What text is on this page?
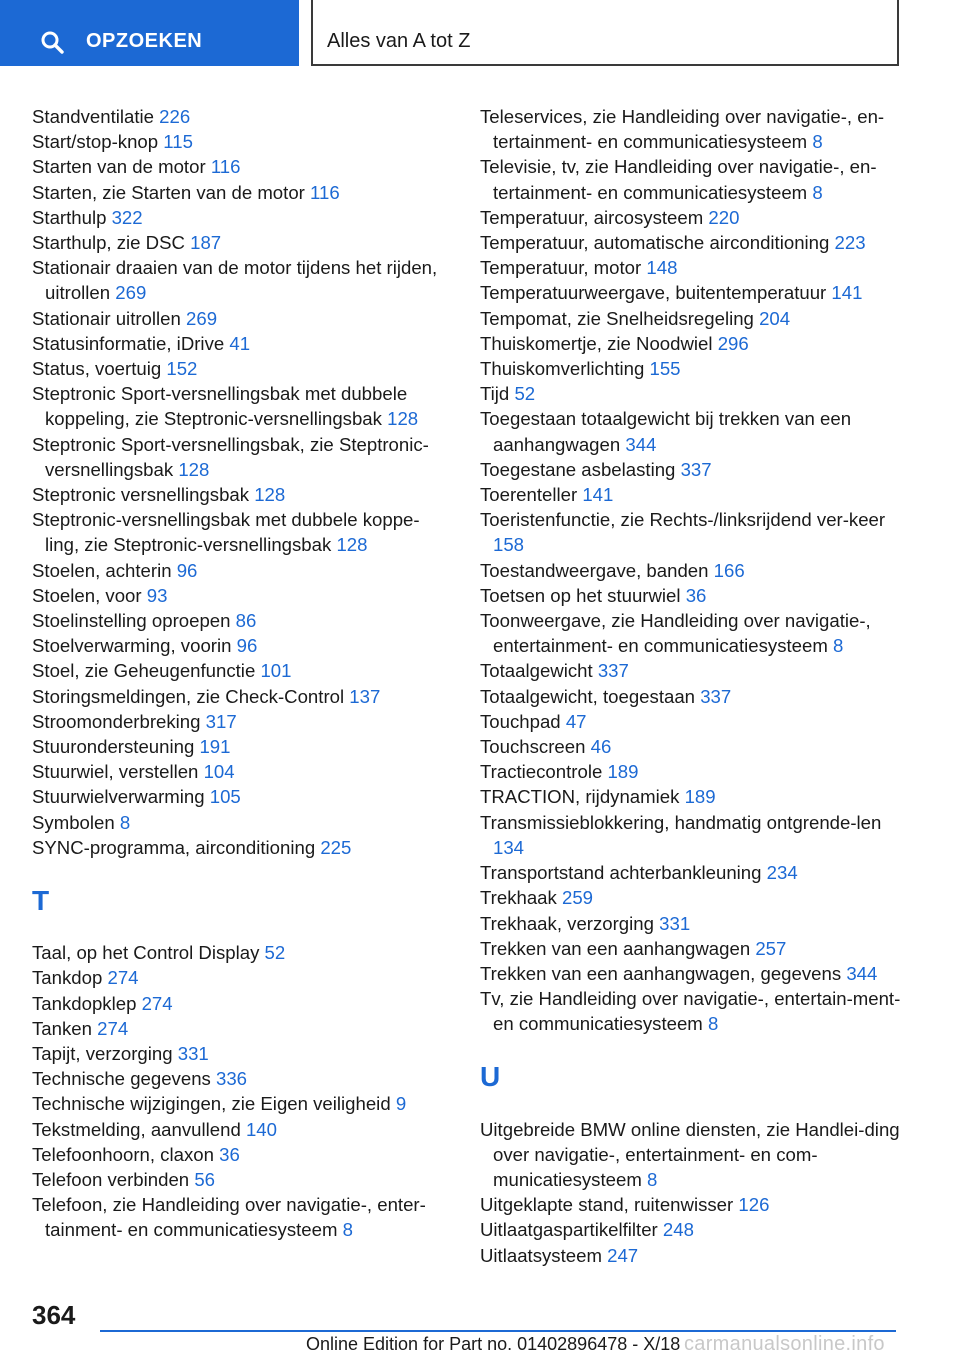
OPZOEKEN	Alles van A tot Z
Standventilatie 226
Start/stop-knop 115
Starten van de motor 116
Starten, zie Starten van de motor 116
Starthulp 322
Starthulp, zie DSC 187
Stationair draaien van de motor tijdens het rijden, uitrollen 269
Stationair uitrollen 269
Statusinformatie, iDrive 41
Status, voertuig 152
Steptronic Sport-versnellingsbak met dubbele koppeling, zie Steptronic-versnellingsbak 128
Steptronic Sport-versnellingsbak, zie Steptronic-versnellingsbak 128
Steptronic versnellingsbak 128
Steptronic-versnellingsbak met dubbele koppe-ling, zie Steptronic-versnellingsbak 128
Stoelen, achterin 96
Stoelen, voor 93
Stoelinstelling oproepen 86
Stoelverwarming, voorin 96
Stoel, zie Geheugenfunctie 101
Storingsmeldingen, zie Check-Control 137
Stroomonderbreking 317
Stuurondersteuning 191
Stuurwiel, verstellen 104
Stuurwielverwarming 105
Symbolen 8
SYNC-programma, airconditioning 225
T
Taal, op het Control Display 52
Tankdop 274
Tankdopklep 274
Tanken 274
Tapijt, verzorging 331
Technische gegevens 336
Technische wijzigingen, zie Eigen veiligheid 9
Tekstmelding, aanvullend 140
Telefoonhoorn, claxon 36
Telefoon verbinden 56
Telefoon, zie Handleiding over navigatie-, enter-tainment- en communicatiesysteem 8
Teleservices, zie Handleiding over navigatie-, en-tertainment- en communicatiesysteem 8
Televisie, tv, zie Handleiding over navigatie-, en-tertainment- en communicatiesysteem 8
Temperatuur, aircosysteem 220
Temperatuur, automatische airconditioning 223
Temperatuur, motor 148
Temperatuurweergave, buitentemperatuur 141
Tempomat, zie Snelheidsregeling 204
Thuiskomertje, zie Noodwiel 296
Thuiskomverlichting 155
Tijd 52
Toegestaan totaalgewicht bij trekken van een aanhangwagen 344
Toegestane asbelasting 337
Toerenteller 141
Toeristenfunctie, zie Rechts-/linksrijdend ver-keer 158
Toestandweergave, banden 166
Toetsen op het stuurwiel 36
Toonweergave, zie Handleiding over navigatie-, entertainment- en communicatiesysteem 8
Totaalgewicht 337
Totaalgewicht, toegestaan 337
Touchpad 47
Touchscreen 46
Tractiecontrole 189
TRACTION, rijdynamiek 189
Transmissieblokkering, handmatig ontgrende-len 134
Transportstand achterbankleuning 234
Trekhaak 259
Trekhaak, verzorging 331
Trekken van een aanhangwagen 257
Trekken van een aanhangwagen, gegevens 344
Tv, zie Handleiding over navigatie-, entertain-ment- en communicatiesysteem 8
U
Uitgebreide BMW online diensten, zie Handlei-ding over navigatie-, entertainment- en com-municatiesysteem 8
Uitgeklapte stand, ruitenwisser 126
Uitlaatgaspartikelfilter 248
Uitlaatsysteem 247
364
Online Edition for Part no. 01402896478 - X/18 carmanualsonline.info
